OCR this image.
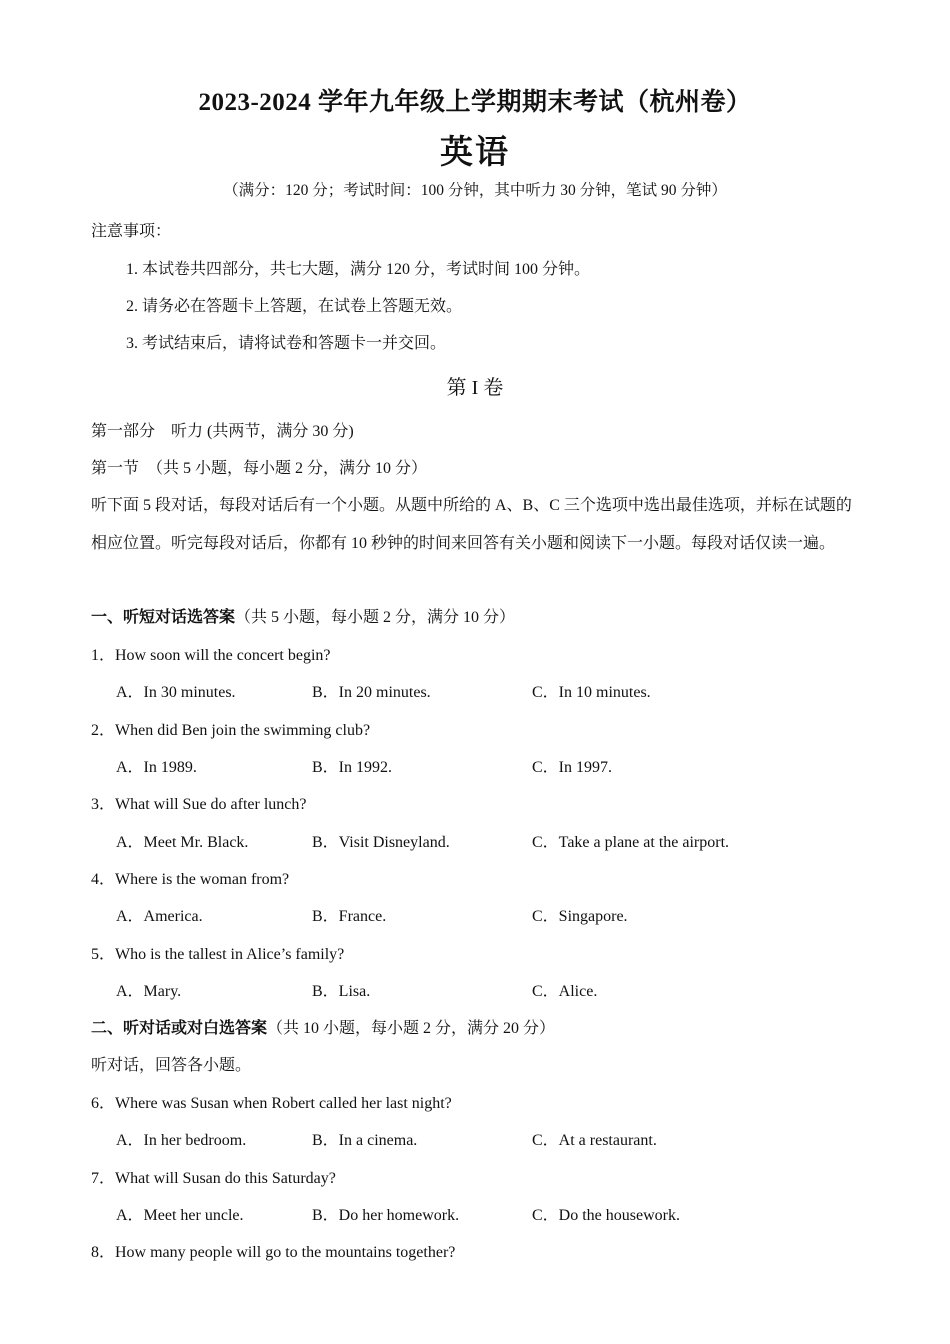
2023-2024 学年九年级上学期期末考试（杭州卷）
英语
（满分：120 分；考试时间：100 分钟，其中听力 30 分钟，笔试 90 分钟）
注意事项：
1. 本试卷共四部分，共七大题，满分 120 分，考试时间 100 分钟。
2. 请务必在答题卡上答题，在试卷上答题无效。
3. 考试结束后，请将试卷和答题卡一并交回。
第 I 卷
第一部分　听力 (共两节，满分 30 分)
第一节　（共 5 小题，每小题 2 分，满分 10 分）
听下面 5 段对话，每段对话后有一个小题。从题中所给的 A、B、C 三个选项中选出最佳选项，并标在试题的相应位置。听完每段对话后，你都有 10 秒钟的时间来回答有关小题和阅读下一小题。每段对话仅读一遍。
一、听短对话选答案（共 5 小题，每小题 2 分，满分 10 分）
1．How soon will the concert begin?
A．In 30 minutes.	B．In 20 minutes.	C．In 10 minutes.
2．When did Ben join the swimming club?
A．In 1989.	B．In 1992.	C．In 1997.
3．What will Sue do after lunch?
A．Meet Mr. Black.	B．Visit Disneyland.	C．Take a plane at the airport.
4．Where is the woman from?
A．America.	B．France.	C．Singapore.
5．Who is the tallest in Alice’s family?
A．Mary.	B．Lisa.	C．Alice.
二、听对话或对白选答案（共 10 小题，每小题 2 分，满分 20 分）
听对话，回答各小题。
6．Where was Susan when Robert called her last night?
A．In her bedroom.	B．In a cinema.	C．At a restaurant.
7．What will Susan do this Saturday?
A．Meet her uncle.	B．Do her homework.	C．Do the housework.
8．How many people will go to the mountains together?
